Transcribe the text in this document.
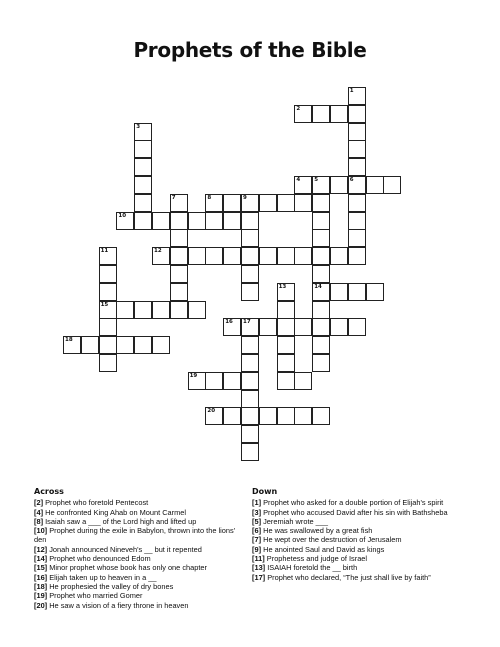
Prophets of the Bible
1
2
3
4	5	6
7	8	9
10
11	12
13	14
15
16 17
18
19
20
Across

[2] Prophet who foretold Pentecost

[4] He confronted King Ahab on Mount Carmel

[8] Isaiah saw a ___ of the Lord high and lifted up

[10] Prophet during the exile in Babylon, thrown into the lions' den

[12] Jonah announced Nineveh's __ but it repented

[14] Prophet who denounced Edom

[15] Minor prophet whose book has only one chapter

[16] Elijah taken up to heaven in a __

[18] He prophesied the valley of dry bones

[19] Prophet who married Gomer

[20] He saw a vision of a fiery throne in heaven

Down

[1] Prophet who asked for a double portion of Elijah's spirit

[3] Prophet who accused David after his sin with Bathsheba

[5] Jeremiah wrote ___

[6] He was swallowed by a great fish

[7] He wept over the destruction of Jerusalem

[9] He anointed Saul and David as kings

[11] Prophetess and judge of Israel

[13] ISAIAH foretold the __ birth

[17] Prophet who declared, “The just shall live by faith”
